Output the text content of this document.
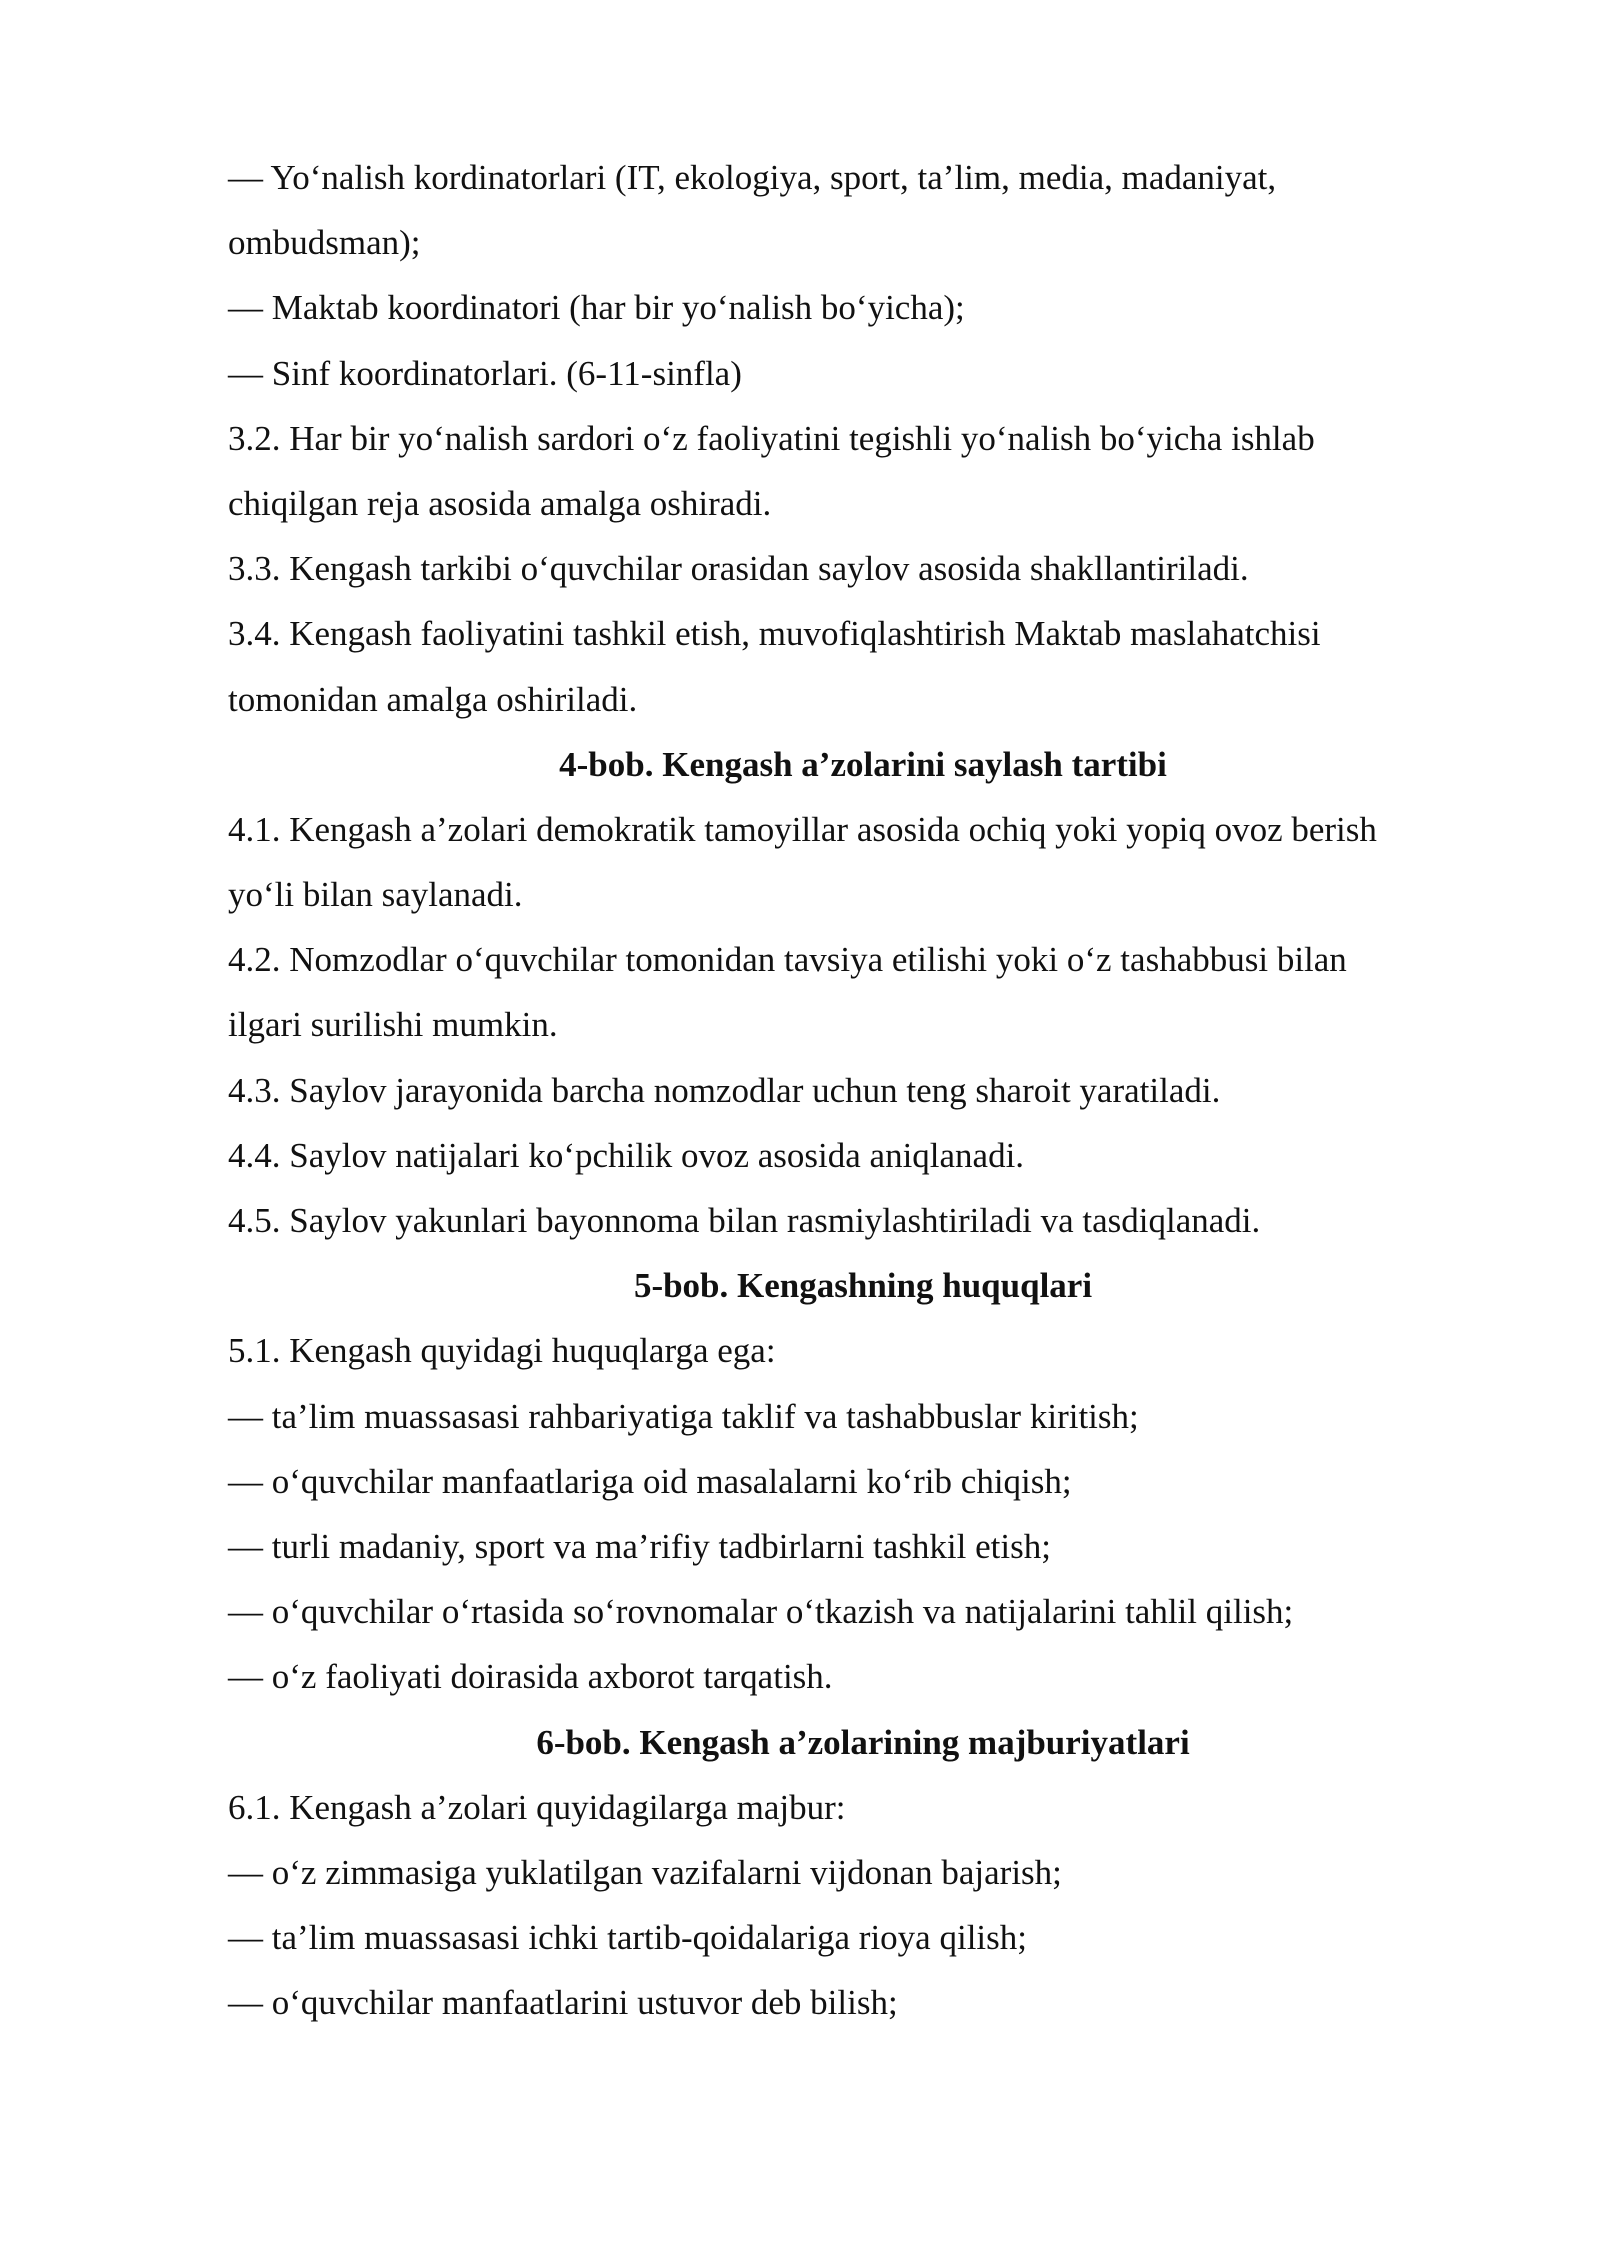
— Yoʻnalish kordinatorlari (IT, ekologiya, sport, ta’lim, media, madaniyat,
ombudsman);
— Maktab koordinatori (har bir yoʻnalish boʻyicha);
— Sinf koordinatorlari. (6-11-sinfla)
3.2. Har bir yoʻnalish sardori oʻz faoliyatini tegishli yoʻnalish boʻyicha ishlab
chiqilgan reja asosida amalga oshiradi.
3.3. Kengash tarkibi oʻquvchilar orasidan saylov asosida shakllantiriladi.
3.4. Kengash faoliyatini tashkil etish, muvofiqlashtirish Maktab maslahatchisi
tomonidan amalga oshiriladi.
4-bob. Kengash a’zolarini saylash tartibi
4.1. Kengash a’zolari demokratik tamoyillar asosida ochiq yoki yopiq ovoz berish
yoʻli bilan saylanadi.
4.2. Nomzodlar oʻquvchilar tomonidan tavsiya etilishi yoki oʻz tashabbusi bilan
ilgari surilishi mumkin.
4.3. Saylov jarayonida barcha nomzodlar uchun teng sharoit yaratiladi.
4.4. Saylov natijalari koʻpchilik ovoz asosida aniqlanadi.
4.5. Saylov yakunlari bayonnoma bilan rasmiylashtiriladi va tasdiqlanadi.
5-bob. Kengashning huquqlari
5.1. Kengash quyidagi huquqlarga ega:
— ta’lim muassasasi rahbariyatiga taklif va tashabbuslar kiritish;
— oʻquvchilar manfaatlariga oid masalalarni koʻrib chiqish;
— turli madaniy, sport va ma’rifiy tadbirlarni tashkil etish;
— oʻquvchilar oʻrtasida soʻrovnomalar oʻtkazish va natijalarini tahlil qilish;
— oʻz faoliyati doirasida axborot tarqatish.
6-bob. Kengash a’zolarining majburiyatlari
6.1. Kengash a’zolari quyidagilarga majbur:
— oʻz zimmasiga yuklatilgan vazifalarni vijdonan bajarish;
— ta’lim muassasasi ichki tartib-qoidalariga rioya qilish;
— oʻquvchilar manfaatlarini ustuvor deb bilish;
